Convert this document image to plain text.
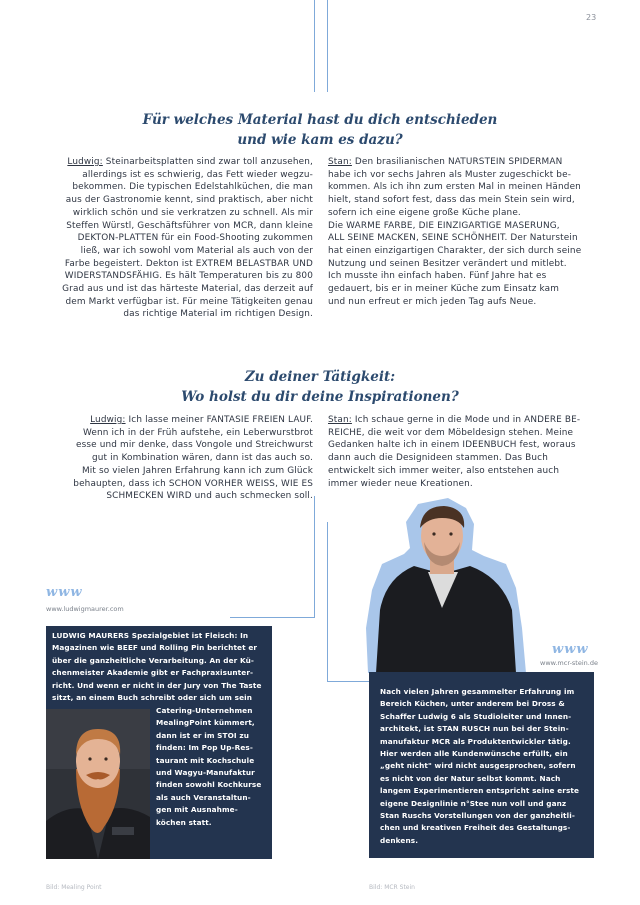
23
Für welches Material hast du dich entschieden
und wie kam es dazu?
Ludwig: Steinarbeitsplatten sind zwar toll anzusehen,
allerdings ist es schwierig, das Fett wieder wegzu-
bekommen. Die typischen Edelstahlküchen, die man
aus der Gastronomie kennt, sind praktisch, aber nicht
wirklich schön und sie verkratzen zu schnell. Als mir
Steffen Würstl, Geschäftsführer von MCR, dann kleine
DEKTON-PLATTEN für ein Food-Shooting zukommen
ließ, war ich sowohl vom Material als auch von der
Farbe begeistert. Dekton ist EXTREM BELASTBAR UND
WIDERSTANDSFÄHIG. Es hält Temperaturen bis zu 800
Grad aus und ist das härteste Material, das derzeit auf
dem Markt verfügbar ist. Für meine Tätigkeiten genau
das richtige Material im richtigen Design.
Stan: Den brasilianischen NATURSTEIN SPIDERMAN
habe ich vor sechs Jahren als Muster zugeschickt be-
kommen. Als ich ihn zum ersten Mal in meinen Händen
hielt, stand sofort fest, dass das mein Stein sein wird,
sofern ich eine eigene große Küche plane.
Die WARME FARBE, DIE EINZIGARTIGE MASERUNG,
ALL SEINE MACKEN, SEINE SCHÖNHEIT. Der Naturstein
hat einen einzigartigen Charakter, der sich durch seine
Nutzung und seinen Besitzer verändert und mitlebt.
Ich musste ihn einfach haben. Fünf Jahre hat es
gedauert, bis er in meiner Küche zum Einsatz kam
und nun erfreut er mich jeden Tag aufs Neue.
Zu deiner Tätigkeit:
Wo holst du dir deine Inspirationen?
Ludwig: Ich lasse meiner FANTASIE FREIEN LAUF.
Wenn ich in der Früh aufstehe, ein Leberwurstbrot
esse und mir denke, dass Vongole und Streichwurst
gut in Kombination wären, dann ist das auch so.
Mit so vielen Jahren Erfahrung kann ich zum Glück
behaupten, dass ich SCHON VORHER WEISS, WIE ES
SCHMECKEN WIRD und auch schmecken soll.
Stan: Ich schaue gerne in die Mode und in ANDERE BE-
REICHE, die weit vor dem Möbeldesign stehen. Meine
Gedanken halte ich in einem IDEENBUCH fest, woraus
dann auch die Designideen stammen. Das Buch
entwickelt sich immer weiter, also entstehen auch
immer wieder neue Kreationen.
www
www.ludwigmaurer.com
LUDWIG MAURERS Spezialgebiet ist Fleisch: In
Magazinen wie BEEF und Rolling Pin berichtet er
über die ganzheitliche Verarbeitung. An der Kü-
chenmeister Akademie gibt er Fachpraxisunter-
richt. Und wenn er nicht in der Jury von The Taste
sitzt, an einem Buch schreibt oder sich um sein
Catering-Unternehmen
MealingPoint kümmert,
dann ist er im STOI zu
finden: Im Pop Up-Res-
taurant mit Kochschule
und Wagyu-Manufaktur
finden sowohl Kochkurse
als auch Veranstaltun-
gen mit Ausnahme-
köchen statt.
Bild: Mealing Point
www
www.mcr-stein.de
Nach vielen Jahren gesammelter Erfahrung im
Bereich Küchen, unter anderem bei Dross &
Schaffer Ludwig 6 als Studioleiter und Innen-
architekt, ist STAN RUSCH nun bei der Stein-
manufaktur MCR als Produktentwickler tätig.
Hier werden alle Kundenwünsche erfüllt, ein
„geht nicht" wird nicht ausgesprochen, sofern
es nicht von der Natur selbst kommt. Nach
langem Experimentieren entspricht seine erste
eigene Designlinie n°Stee nun voll und ganz
Stan Ruschs Vorstellungen von der ganzheitli-
chen und kreativen Freiheit des Gestaltungs-
denkens.
Bild: MCR Stein
